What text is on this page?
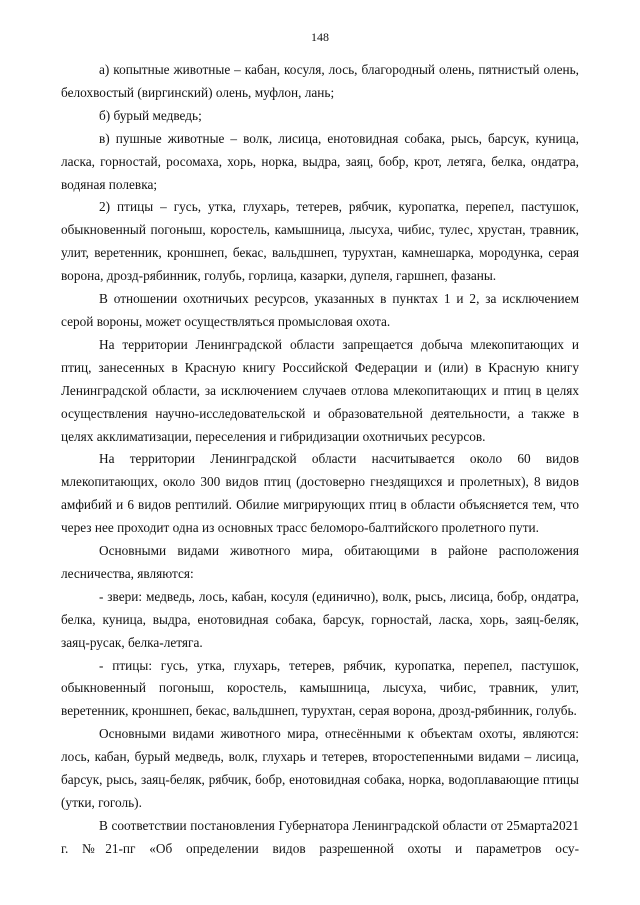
148

а) копытные животные – кабан, косуля, лось, благородный олень, пятнистый олень, белохвостый (виргинский) олень, муфлон, лань;

б) бурый медведь;

в) пушные животные – волк, лисица, енотовидная собака, рысь, барсук, куница, ласка, горностай, росомаха, хорь, норка, выдра, заяц, бобр, крот, летяга, белка, ондатра, водяная полевка;

2) птицы – гусь, утка, глухарь, тетерев, рябчик, куропатка, перепел, пастушок, обыкновенный погоныш, коростель, камышница, лысуха, чибис, тулес, хрустан, травник, улит, веретенник, кроншнеп, бекас, вальдшнеп, турухтан, камнешарка, мородунка, серая ворона, дрозд-рябинник, голубь, горлица, казарки, дупеля, гаршнеп, фазаны.

В отношении охотничьих ресурсов, указанных в пунктах 1 и 2, за исключением серой вороны, может осуществляться промысловая охота.

На территории Ленинградской области запрещается добыча млекопитающих и птиц, занесенных в Красную книгу Российской Федерации и (или) в Красную книгу Ленинградской области, за исключением случаев отлова млекопитающих и птиц в целях осуществления научно-исследовательской и образовательной деятельности, а также в целях акклиматизации, переселения и гибридизации охотничьих ресурсов.

На территории Ленинградской области насчитывается около 60 видов млекопитающих, около 300 видов птиц (достоверно гнездящихся и пролетных), 8 видов амфибий и 6 видов рептилий. Обилие мигрирующих птиц в области объясняется тем, что через нее проходит одна из основных трасс беломоро-балтийского пролетного пути.

Основными видами животного мира, обитающими в районе расположения лесничества, являются:

- звери: медведь, лось, кабан, косуля (единично), волк, рысь, лисица, бобр, ондатра, белка, куница, выдра, енотовидная собака, барсук, горностай, ласка, хорь, заяц-беляк, заяц-русак, белка-летяга.

- птицы: гусь, утка, глухарь, тетерев, рябчик, куропатка, перепел, пастушок, обыкновенный погоныш, коростель, камышница, лысуха, чибис, травник, улит, веретенник, кроншнеп, бекас, вальдшнеп, турухтан, серая ворона, дрозд-рябинник, голубь.

Основными видами животного мира, отнесёнными к объектам охоты, являются: лось, кабан, бурый медведь, волк, глухарь и тетерев, второстепенными видами – лисица, барсук, рысь, заяц-беляк, рябчик, бобр, енотовидная собака, норка, водоплавающие птицы (утки, гоголь).

В соответствии постановления Губернатора Ленинградской области от 25марта2021 г. №21-пг «Об определении видов разрешенной охоты и параметров осу-
